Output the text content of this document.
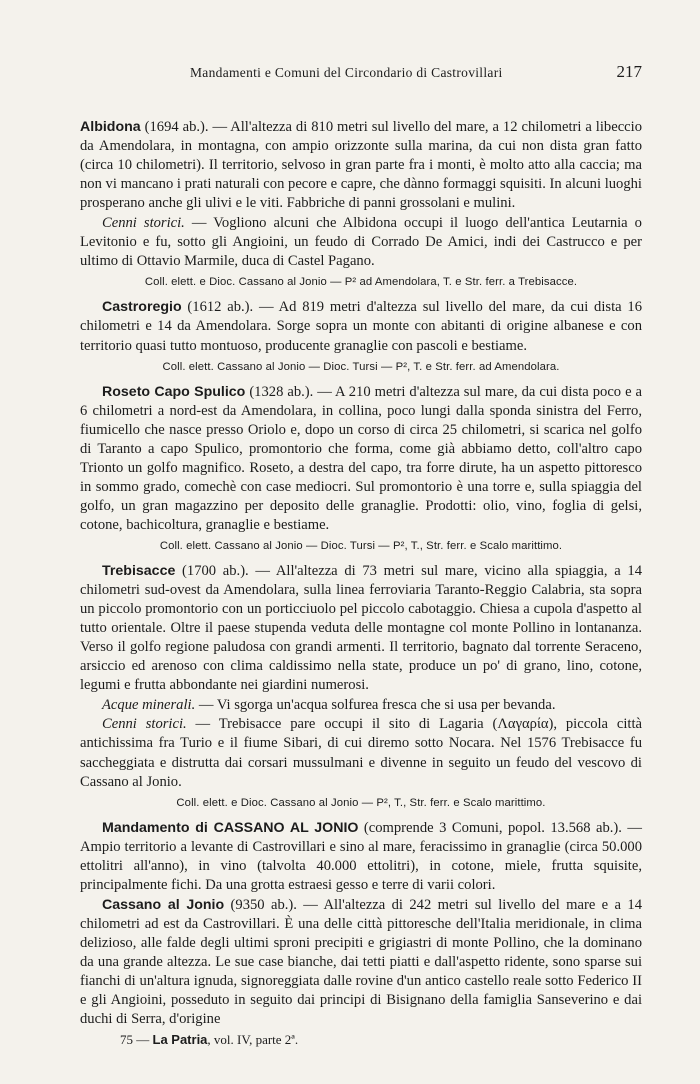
Mandamenti e Comuni del Circondario di Castrovillari	217

Albidona (1694 ab.). — All'altezza di 810 metri sul livello del mare, a 12 chilometri a libeccio da Amendolara, in montagna, con ampio orizzonte sulla marina, da cui non dista gran fatto (circa 10 chilometri). Il territorio, selvoso in gran parte fra i monti, è molto atto alla caccia; ma non vi mancano i prati naturali con pecore e capre, che dànno formaggi squisiti. In alcuni luoghi prosperano anche gli ulivi e le viti. Fabbriche di panni grossolani e mulini.

Cenni storici. — Vogliono alcuni che Albidona occupi il luogo dell'antica Leutarnia o Levitonio e fu, sotto gli Angioini, un feudo di Corrado De Amici, indi dei Castrucco e per ultimo di Ottavio Marmile, duca di Castel Pagano.

Coll. elett. e Dioc. Cassano al Jonio — P² ad Amendolara, T. e Str. ferr. a Trebisacce.

Castroregio (1612 ab.). — Ad 819 metri d'altezza sul livello del mare, da cui dista 16 chilometri e 14 da Amendolara. Sorge sopra un monte con abitanti di origine albanese e con territorio quasi tutto montuoso, producente granaglie con pascoli e bestiame.

Coll. elett. Cassano al Jonio — Dioc. Tursi — P², T. e Str. ferr. ad Amendolara.

Roseto Capo Spulico (1328 ab.). — A 210 metri d'altezza sul mare, da cui dista poco e a 6 chilometri a nord-est da Amendolara, in collina, poco lungi dalla sponda sinistra del Ferro, fiumicello che nasce presso Oriolo e, dopo un corso di circa 25 chilometri, si scarica nel golfo di Taranto a capo Spulico, promontorio che forma, come già abbiamo detto, coll'altro capo Trionto un golfo magnifico. Roseto, a destra del capo, tra forre dirute, ha un aspetto pittoresco in sommo grado, comechè con case mediocri. Sul promontorio è una torre e, sulla spiaggia del golfo, un gran magazzino per deposito delle granaglie. Prodotti: olio, vino, foglia di gelsi, cotone, bachicoltura, granaglie e bestiame.

Coll. elett. Cassano al Jonio — Dioc. Tursi — P², T., Str. ferr. e Scalo marittimo.

Trebisacce (1700 ab.). — All'altezza di 73 metri sul mare, vicino alla spiaggia, a 14 chilometri sud-ovest da Amendolara, sulla linea ferroviaria Taranto-Reggio Calabria, sta sopra un piccolo promontorio con un porticciuolo pel piccolo cabotaggio. Chiesa a cupola d'aspetto al tutto orientale. Oltre il paese stupenda veduta delle montagne col monte Pollino in lontananza. Verso il golfo regione paludosa con grandi armenti. Il territorio, bagnato dal torrente Seraceno, arsiccio ed arenoso con clima caldissimo nella state, produce un po' di grano, lino, cotone, legumi e frutta abbondante nei giardini numerosi.

Acque minerali. — Vi sgorga un'acqua solfurea fresca che si usa per bevanda.

Cenni storici. — Trebisacce pare occupi il sito di Lagaria (Λαγαρία), piccola città antichissima fra Turio e il fiume Sibari, di cui diremo sotto Nocara. Nel 1576 Trebisacce fu saccheggiata e distrutta dai corsari mussulmani e divenne in seguito un feudo del vescovo di Cassano al Jonio.

Coll. elett. e Dioc. Cassano al Jonio — P², T., Str. ferr. e Scalo marittimo.

Mandamento di CASSANO AL JONIO (comprende 3 Comuni, popol. 13.568 ab.). — Ampio territorio a levante di Castrovillari e sino al mare, feracissimo in granaglie (circa 50.000 ettolitri all'anno), in vino (talvolta 40.000 ettolitri), in cotone, miele, frutta squisite, principalmente fichi. Da una grotta estraesi gesso e terre di varii colori.

Cassano al Jonio (9350 ab.). — All'altezza di 242 metri sul livello del mare e a 14 chilometri ad est da Castrovillari. È una delle città pittoresche dell'Italia meridionale, in clima delizioso, alle falde degli ultimi sproni precipiti e grigiastri di monte Pollino, che la dominano da una grande altezza. Le sue case bianche, dai tetti piatti e dall'aspetto ridente, sono sparse sui fianchi di un'altura ignuda, signoreggiata dalle rovine d'un antico castello reale sotto Federico II e gli Angioini, posseduto in seguito dai principi di Bisignano della famiglia Sanseverino e dai duchi di Serra, d'origine

75 — La Patria, vol. IV, parte 2ª.
